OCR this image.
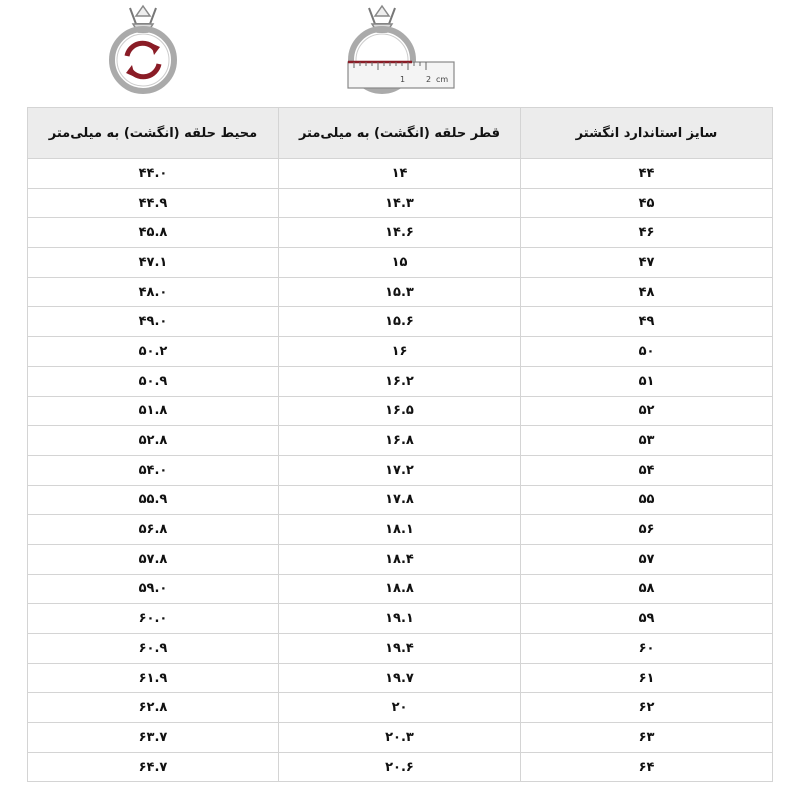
1	2 cm
سایز استاندارد انگشتر	قطر حلقه (انگشت) به میلی‌متر	محیط حلقه (انگشت) به میلی‌متر
۴۴	۱۴	۴۴.۰
۴۵	۱۴.۳	۴۴.۹
۴۶	۱۴.۶	۴۵.۸
۴۷	۱۵	۴۷.۱
۴۸	۱۵.۳	۴۸.۰
۴۹	۱۵.۶	۴۹.۰
۵۰	۱۶	۵۰.۲
۵۱	۱۶.۲	۵۰.۹
۵۲	۱۶.۵	۵۱.۸
۵۳	۱۶.۸	۵۲.۸
۵۴	۱۷.۲	۵۴.۰
۵۵	۱۷.۸	۵۵.۹
۵۶	۱۸.۱	۵۶.۸
۵۷	۱۸.۴	۵۷.۸
۵۸	۱۸.۸	۵۹.۰
۵۹	۱۹.۱	۶۰.۰
۶۰	۱۹.۴	۶۰.۹
۶۱	۱۹.۷	۶۱.۹
۶۲	۲۰	۶۲.۸
۶۳	۲۰.۳	۶۳.۷
۶۴	۲۰.۶	۶۴.۷
